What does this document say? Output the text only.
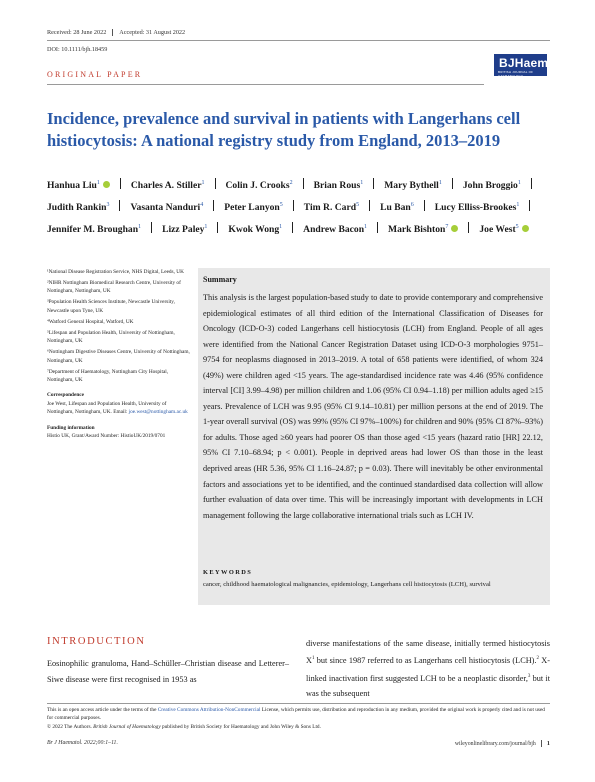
Received: 28 June 2022 Accepted: 31 August 2022
DOI: 10.1111/bjh.18459
BJHaem
BRITISH JOURNAL OF HAEMATOLOGY
ORIGINAL PAPER
Incidence, prevalence and survival in patients with Langerhans cell histiocytosis: A national registry study from England, 2013–2019
Hanhua Liu$^1$	Charles A. Stiller$^1$ Colin J. Crooks$^2$ Brian Rous$^1$ Mary Bythell$^1$ John Broggio$^1$Judith Rankin$^3$ Vasanta Nanduri$^4$ Peter Lanyon$^5$ Tim R. Card$^5$ Lu Ban$^6$ Lucy Elliss-Brookes$^1$Jennifer M. Broughan$^1$ Lizz Paley$^1$ Kwok Wong$^1$ Andrew Bacon$^1$ Mark Bishton$^7$	Joe West$^5$

¹National Disease Registration Service, NHS Digital, Leeds, UK

²NIHR Nottingham Biomedical Research Centre, University of Nottingham, Nottingham, UK

³Population Health Sciences Institute, Newcastle University, Newcastle upon Tyne, UK

⁴Watford General Hospital, Watford, UK

⁵Lifespan and Population Health, University of Nottingham, Nottingham, UK

⁶Nottingham Digestive Diseases Centre, University of Nottingham, Nottingham, UK

⁷Department of Haematology, Nottingham City Hospital, Nottingham, UK

Correspondence

Joe West, Lifespan and Population Health, University of Nottingham, Nottingham, UK. Email: joe.west@nottingham.ac.uk

Funding information

Histio UK, Grant/Award Number: HistioUK/2019/0701

Summary
This analysis is the largest population-based study to date to provide contemporary and comprehensive epidemiological estimates of all third edition of the International Classification of Diseases for Oncology (ICD-O-3) coded Langerhans cell histiocytosis (LCH) from England. People of all ages were identified from the National Cancer Registration Dataset using ICD-O-3 morphologies 9751–9754 for neoplasms diagnosed in 2013–2019. A total of 658 patients were identified, of whom 324 (49%) were children aged <15 years. The age-standardised incidence rate was 4.46 (95% confidence interval [CI] 3.99–4.98) per million children and 1.06 (95% CI 0.94–1.18) per million adults aged ≥15 years. Prevalence of LCH was 9.95 (95% CI 9.14–10.81) per million persons at the end of 2019. The 1-year overall survival (OS) was 99% (95% CI 97%–100%) for children and 90% (95% CI 87%–93%) for adults. Those aged ≥60 years had poorer OS than those aged <15 years (hazard ratio [HR] 22.12, 95% CI 7.10–68.94; p < 0.001). People in deprived areas had lower OS than those in the least deprived areas (HR 5.36, 95% CI 1.16–24.87; p = 0.03). There will inevitably be other environmental factors and associations yet to be identified, and the continued standardised data collection will allow further evaluation of data over time. This will be increasingly important with developments in LCH management following the large collaborative international trials such as LCH IV.
KEYWORDS
cancer, childhood haematological malignancies, epidemiology, Langerhans cell histiocytosis (LCH), survival
INTRODUCTION
Eosinophilic granuloma, Hand–Schüller–Christian disease and Letterer–Siwe disease were first recognised in 1953 as
diverse manifestations of the same disease, initially termed histiocytosis $X^1$ but since 1987 referred to as Langerhans cell histiocytosis (LCH).$^2$ X-linked inactivation first suggested LCH to be a neoplastic disorder,$^3$ but it was the subsequent
This is an open access article under the terms of the Creative Commons Attribution-NonCommercial License, which permits use, distribution and reproduction in any medium, provided the original work is properly cited and is not used for commercial purposes.
© 2022 The Authors. British Journal of Haematology published by British Society for Haematology and John Wiley & Sons Ltd.
Br J Haematol. 2022;00:1–11.	wileyonlinelibrary.com/journal/bjh 1
